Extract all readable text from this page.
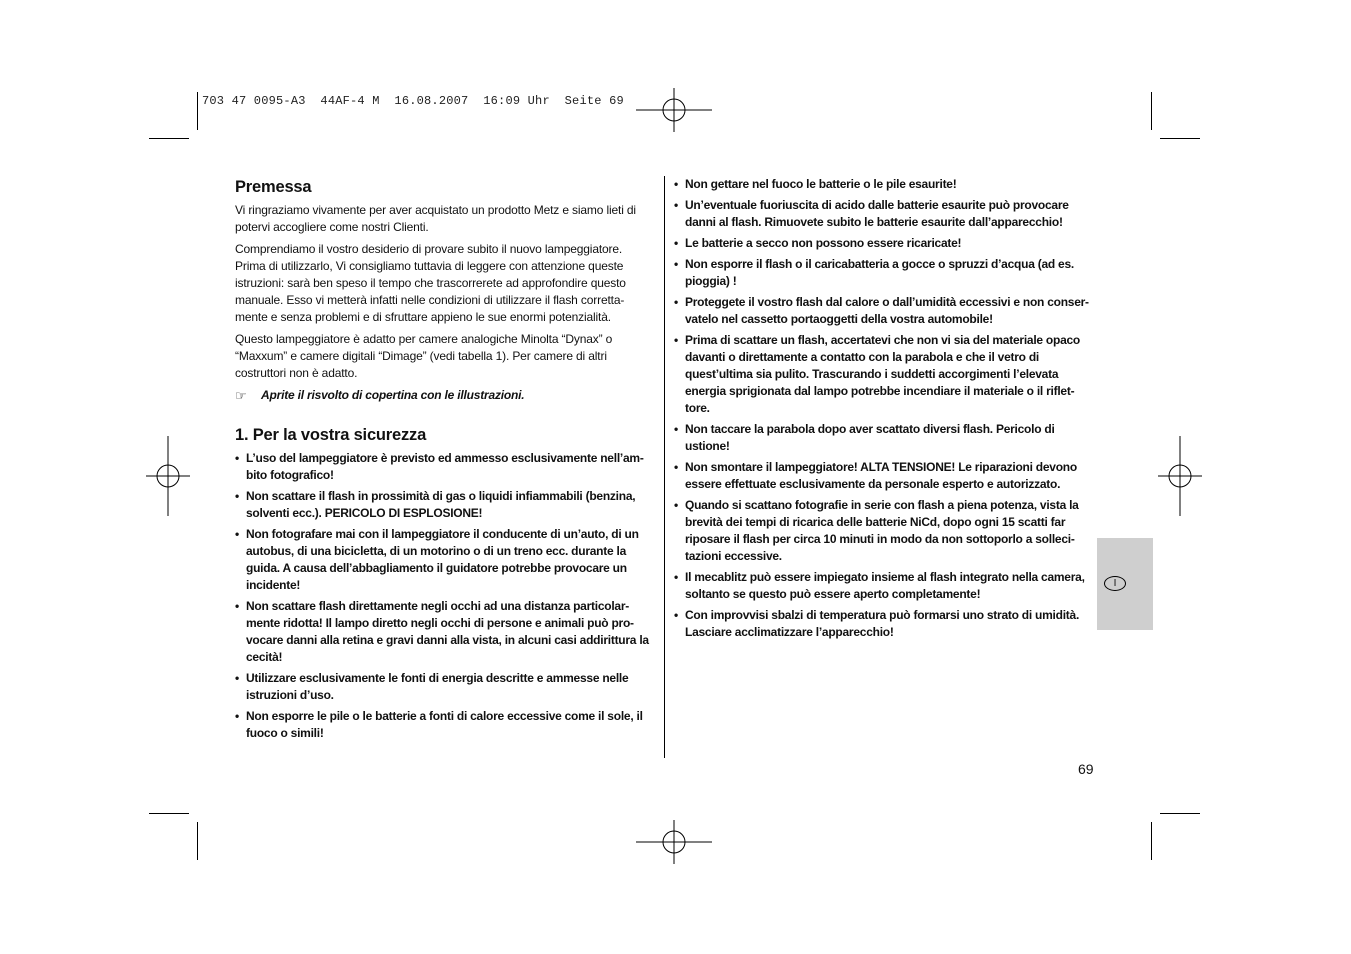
703 47 0095-A3  44AF-4 M  16.08.2007  16:09 Uhr  Seite 69
Premessa

Vi ringraziamo vivamente per aver acquistato un prodotto Metz e siamo lieti di potervi accogliere come nostri Clienti.

Comprendiamo il vostro desiderio di provare subito il nuovo lampeggiatore. Prima di utilizzarlo, Vi consigliamo tuttavia di leggere con attenzione queste istruzioni: sarà ben speso il tempo che trascorrerete ad approfondire questo manuale. Esso vi metterà infatti nelle condizioni di utilizzare il flash corretta-mente e senza problemi e di sfruttare appieno le sue enormi potenzialità.

Questo lampeggiatore è adatto per camere analogiche Minolta “Dynax” o “Maxxum” e camere digitali “Dimage” (vedi tabella 1). Per camere di altri costruttori non è adatto.

☞	Aprite il risvolto di copertina con le illustrazioni.
1. Per la vostra sicurezza
• L’uso del lampeggiatore è previsto ed ammesso esclusivamente nell’am-bito fotografico!
• Non scattare il flash in prossimità di gas o liquidi infiammabili (benzina, solventi ecc.). PERICOLO DI ESPLOSIONE!
• Non fotografare mai con il lampeggiatore il conducente di un’auto, di un autobus, di una bicicletta, di un motorino o di un treno ecc. durante la guida. A causa dell’abbagliamento il guidatore potrebbe provocare un incidente!
• Non scattare flash direttamente negli occhi ad una distanza particolar-mente ridotta! Il lampo diretto negli occhi di persone e animali può pro-vocare danni alla retina e gravi danni alla vista, in alcuni casi addirittura la cecità!
• Utilizzare esclusivamente le fonti di energia descritte e ammesse nelle istruzioni d’uso.
• Non esporre le pile o le batterie a fonti di calore eccessive come il sole, il fuoco o simili!
• Non gettare nel fuoco le batterie o le pile esaurite!
• Un’eventuale fuoriuscita di acido dalle batterie esaurite può provocare danni al flash. Rimuovete subito le batterie esaurite dall’apparecchio!
• Le batterie a secco non possono essere ricaricate!
• Non esporre il flash o il caricabatteria a gocce o spruzzi d’acqua (ad es. pioggia) !
• Proteggete il vostro flash dal calore o dall’umidità eccessivi e non conser-vatelo nel cassetto portaoggetti della vostra automobile!
• Prima di scattare un flash, accertatevi che non vi sia del materiale opaco davanti o direttamente a contatto con la parabola e che il vetro di quest’ultima sia pulito. Trascurando i suddetti accorgimenti l’elevata energia sprigionata dal lampo potrebbe incendiare il materiale o il riflet-tore.
• Non taccare la parabola dopo aver scattato diversi flash. Pericolo di ustione!
• Non smontare il lampeggiatore! ALTA TENSIONE! Le riparazioni devono essere effettuate esclusivamente da personale esperto e autorizzato.
• Quando si scattano fotografie in serie con flash a piena potenza, vista la brevità dei tempi di ricarica delle batterie NiCd, dopo ogni 15 scatti far riposare il flash per circa 10 minuti in modo da non sottoporlo a solleci-tazioni eccessive.
• Il mecablitz può essere impiegato insieme al flash integrato nella camera, soltanto se questo può essere aperto completamente!
• Con improvvisi sbalzi di temperatura può formarsi uno strato di umidità. Lasciare acclimatizzare l’apparecchio!
I
69
